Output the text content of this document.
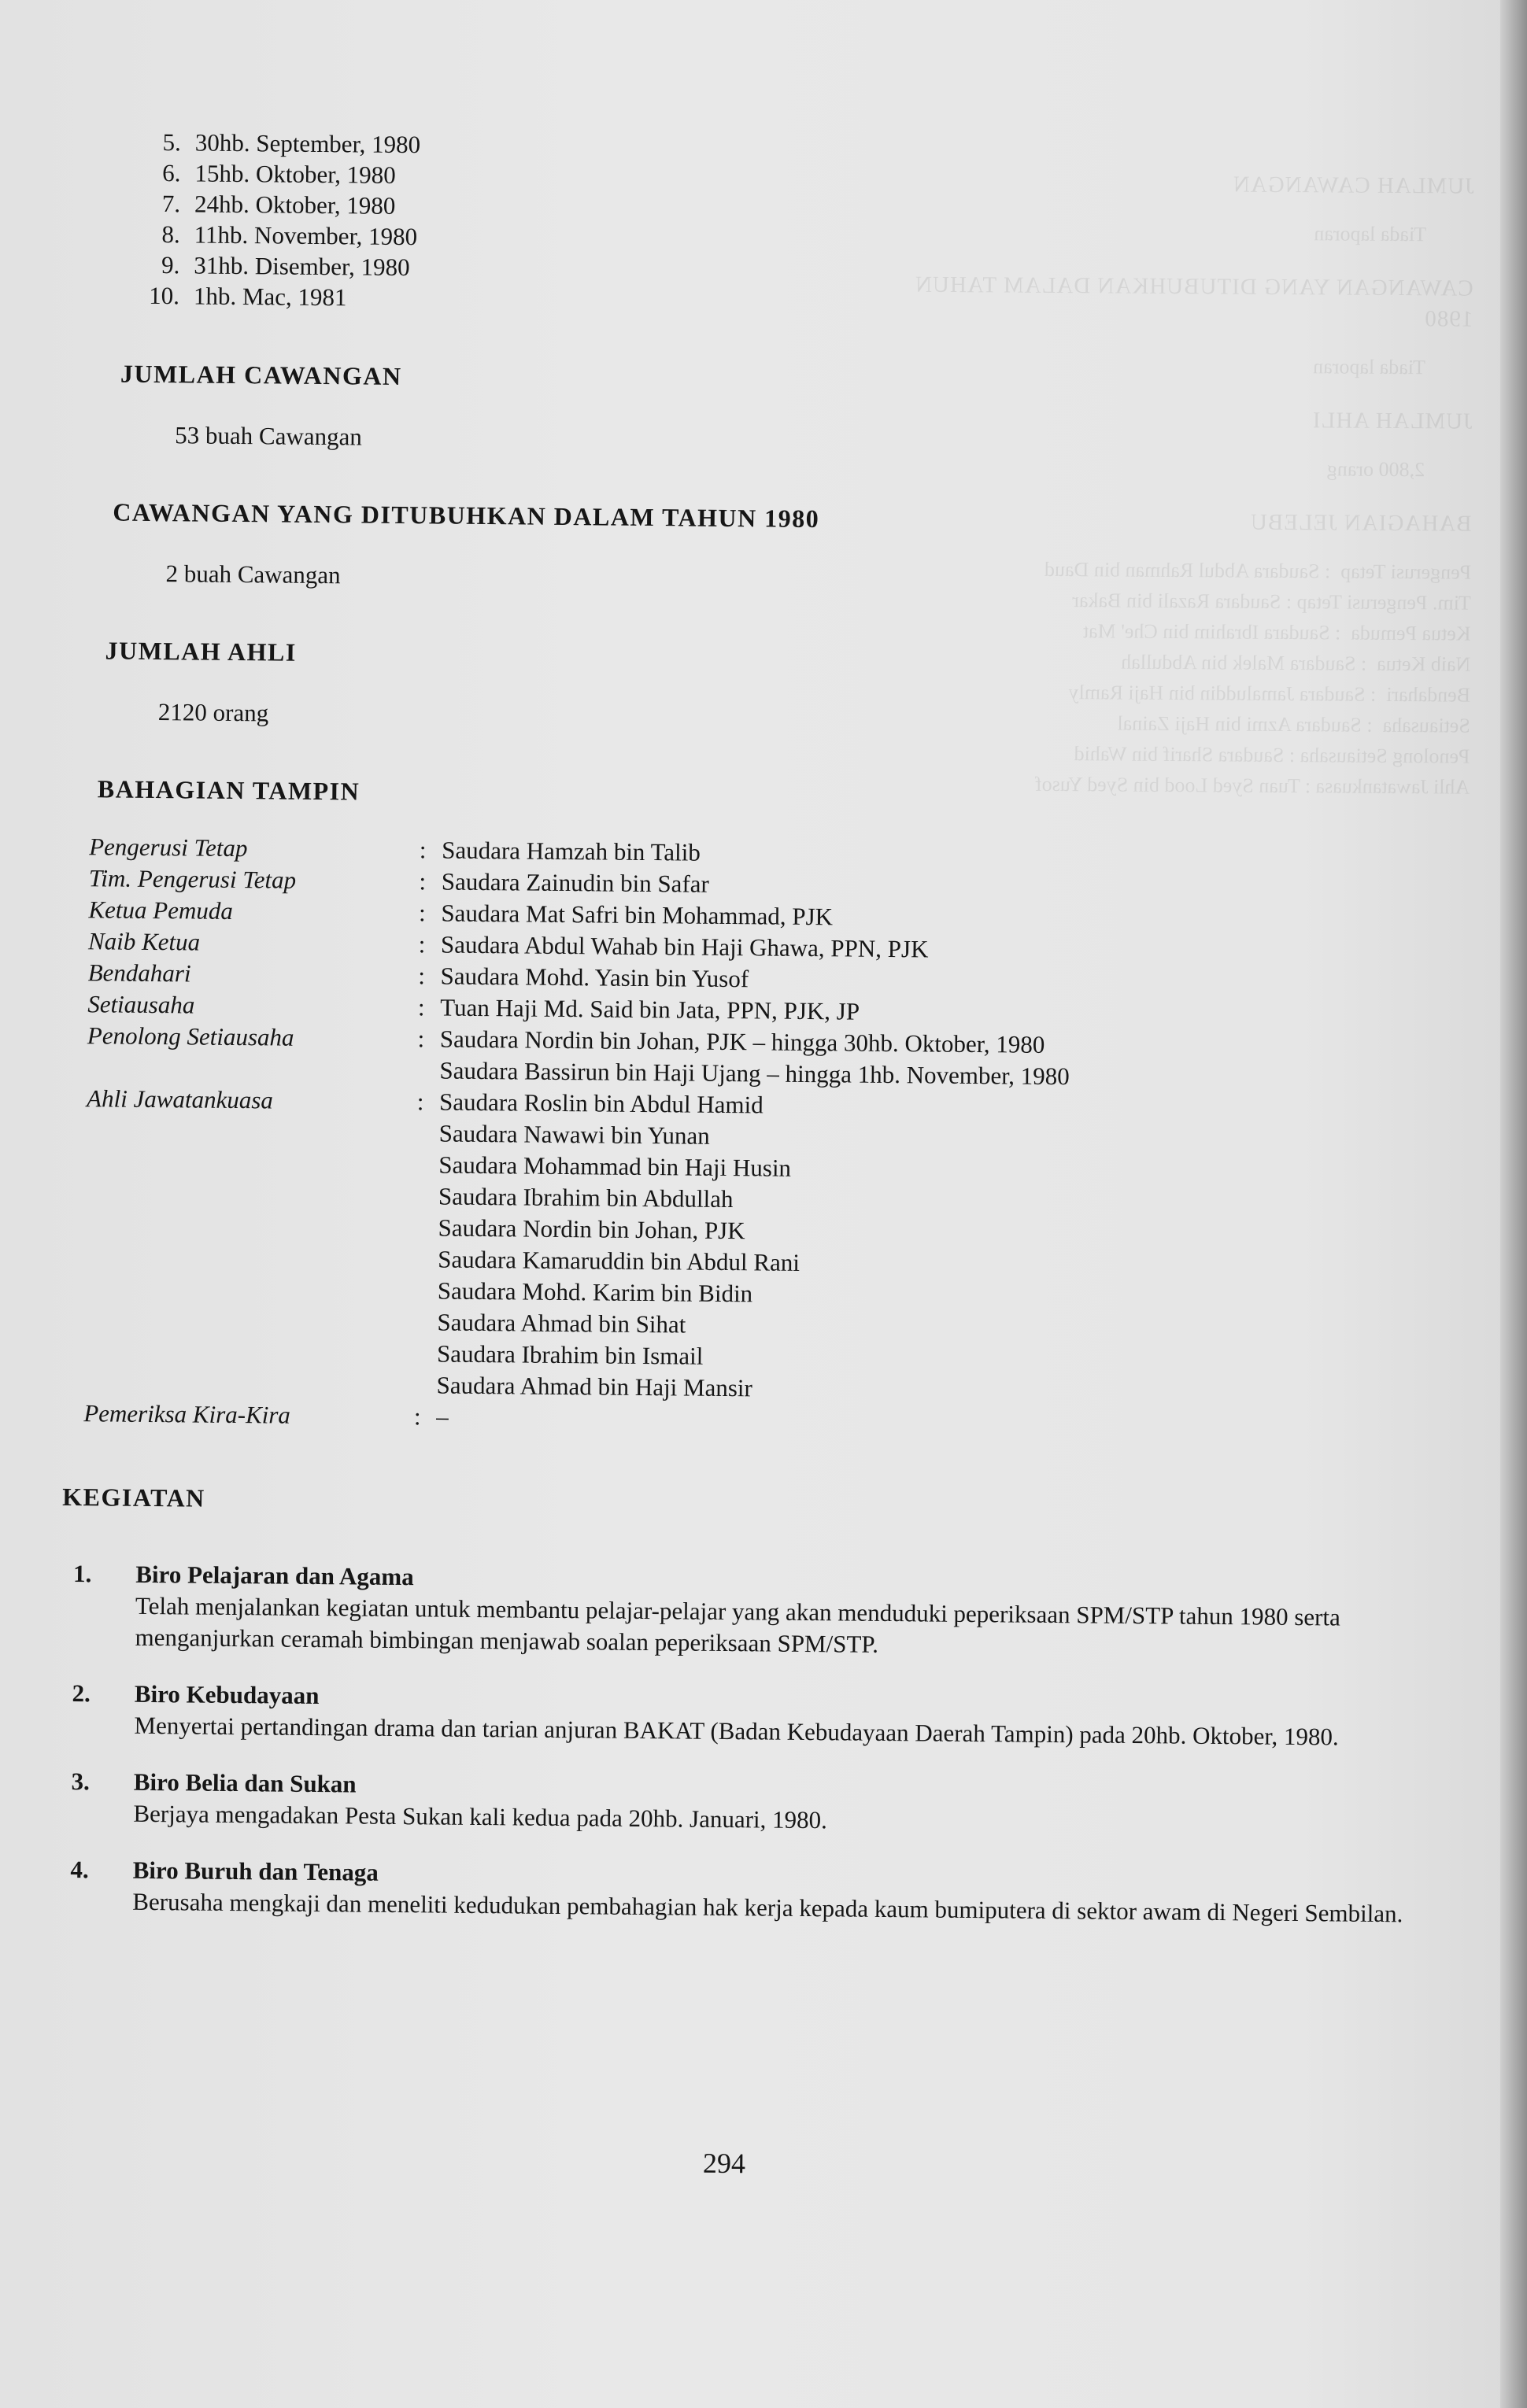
JUMLAH CAWANGAN
Tiada laporan
CAWANGAN YANG DITUBUHKAN DALAM TAHUN 1980
Tiada laporan
JUMLAH AHLI
2,800 orang
BAHAGIAN JELEBU
Pengerusi Tetap  : Saudara Abdul Rahman bin Daud
Tim. Pengerusi Tetap : Saudara Razali bin Bakar
Ketua Pemuda  : Saudara Ibrahim bin Che' Mat
Naib Ketua  : Saudara Malek bin Abdullah
Bendahari  : Saudara Jamaluddin bin Haji Ramly
Setiausaha  : Saudara Azmi bin Haji Zainal
Penolong Setiausaha : Saudara Sharif bin Wahid
Ahli Jawatankuasa : Tuan Syed Lood bin Syed Yusof
5. 30hb. September, 1980
6. 15hb. Oktober, 1980
7. 24hb. Oktober, 1980
8. 11hb. November, 1980
9. 31hb. Disember, 1980
10. 1hb. Mac, 1981
JUMLAH CAWANGAN

53 buah Cawangan

CAWANGAN YANG DITUBUHKAN DALAM TAHUN 1980

2 buah Cawangan

JUMLAH AHLI

2120 orang

BAHAGIAN TAMPIN
Pengerusi Tetap	: Saudara Hamzah bin Talib
Tim. Pengerusi Tetap	: Saudara Zainudin bin Safar
Ketua Pemuda	: Saudara Mat Safri bin Mohammad, PJK
Naib Ketua	: Saudara Abdul Wahab bin Haji Ghawa, PPN, PJK
Bendahari	: Saudara Mohd. Yasin bin Yusof
Setiausaha	: Tuan Haji Md. Said bin Jata, PPN, PJK, JP
Penolong Setiausaha	: Saudara Nordin bin Johan, PJK – hingga 30hb. Oktober, 1980
Saudara Bassirun bin Haji Ujang – hingga 1hb. November, 1980
Ahli Jawatankuasa	: Saudara Roslin bin Abdul Hamid
Saudara Nawawi bin Yunan
Saudara Mohammad bin Haji Husin
Saudara Ibrahim bin Abdullah
Saudara Nordin bin Johan, PJK
Saudara Kamaruddin bin Abdul Rani
Saudara Mohd. Karim bin Bidin
Saudara Ahmad bin Sihat
Saudara Ibrahim bin Ismail
Saudara Ahmad bin Haji Mansir
Pemeriksa Kira-Kira	: –
KEGIATAN
1.	Biro Pelajaran dan Agama

Telah menjalankan kegiatan untuk membantu pelajar-pelajar yang akan menduduki peperiksaan SPM/STP tahun 1980 serta menganjurkan ceramah bimbingan menjawab soalan peperiksaan SPM/STP.

2.	Biro Kebudayaan

Menyertai pertandingan drama dan tarian anjuran BAKAT (Badan Kebudayaan Daerah Tampin) pada 20hb. Oktober, 1980.

3.	Biro Belia dan Sukan

Berjaya mengadakan Pesta Sukan kali kedua pada 20hb. Januari, 1980.

4.	Biro Buruh dan Tenaga

Berusaha mengkaji dan meneliti kedudukan pembahagian hak kerja kepada kaum bumiputera di sektor awam di Negeri Sembilan.

294
